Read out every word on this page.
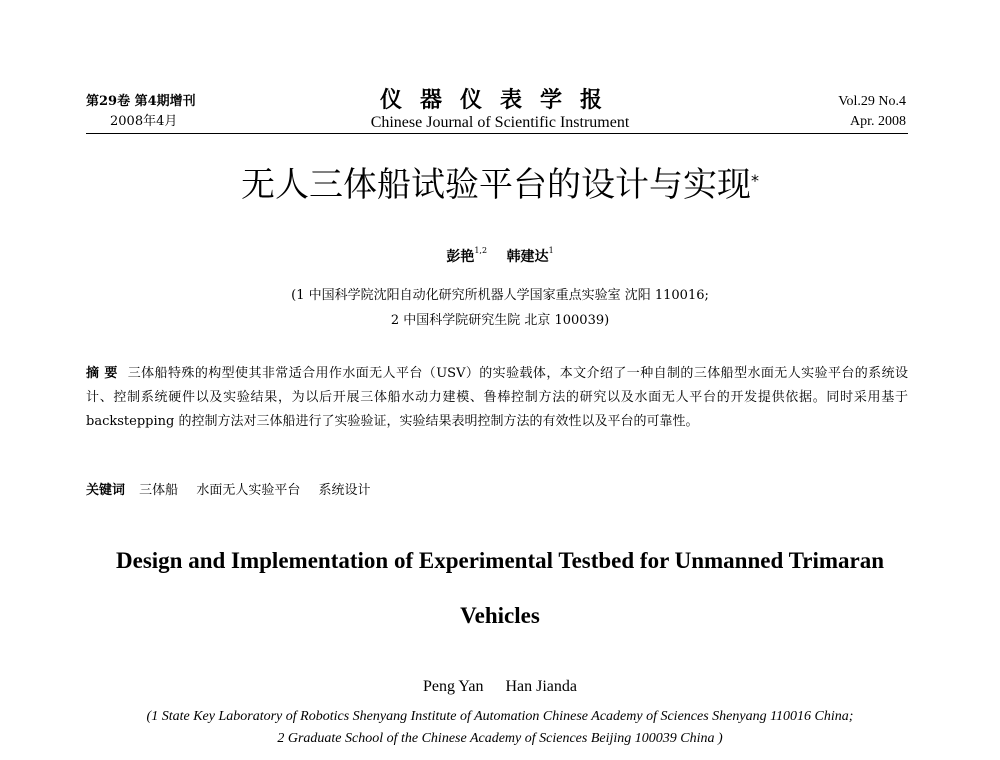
第29卷 第4期增刊
2008年4月
仪器仪表学报
Chinese Journal of Scientific Instrument
Vol.29 No.4
Apr. 2008
无人三体船试验平台的设计与实现*
彭艳$^{1,2}$ 韩建达$^1$
(1 中国科学院沈阳自动化研究所机器人学国家重点实验室 沈阳 110016;
2 中国科学院研究生院 北京 100039)
摘 要 三体船特殊的构型使其非常适合用作水面无人平台（USV）的实验载体，本文介绍了一种自制的三体船型水面无人实验平台的系统设计、控制系统硬件以及实验结果，为以后开展三体船水动力建模、鲁棒控制方法的研究以及水面无人平台的开发提供依据。同时采用基于 backstepping 的控制方法对三体船进行了实验验证，实验结果表明控制方法的有效性以及平台的可靠性。
关键词 三体船 水面无人实验平台 系统设计
Design and Implementation of Experimental Testbed for Unmanned Trimaran
Vehicles
Peng Yan Han Jianda
(1 State Key Laboratory of Robotics Shenyang Institute of Automation Chinese Academy of Sciences Shenyang 110016 China;
2 Graduate School of the Chinese Academy of Sciences Beijing 100039 China )
